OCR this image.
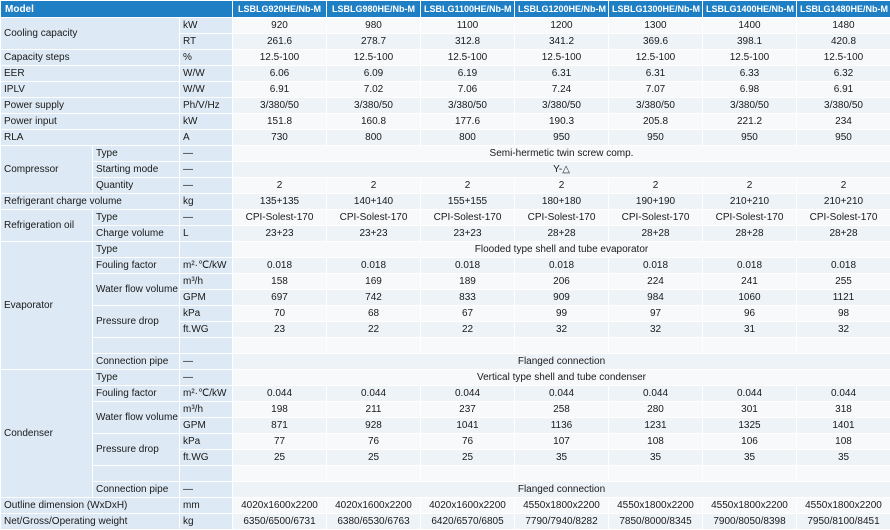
Model			LSBLG920HE/Nb-M	LSBLG980HE/Nb-M	LSBLG1100HE/Nb-M	LSBLG1200HE/Nb-M	LSBLG1300HE/Nb-M	LSBLG1400HE/Nb-M	LSBLG1480HE/Nb-M
Cooling capacity		kW	920	980	1100	1200	1300	1400	1480
		RT	261.6	278.7	312.8	341.2	369.6	398.1	420.8
Capacity steps		%	12.5-100	12.5-100	12.5-100	12.5-100	12.5-100	12.5-100	12.5-100
EER		W/W	6.06	6.09	6.19	6.31	6.31	6.33	6.32
IPLV		W/W	6.91	7.02	7.06	7.24	7.07	6.98	6.91
Power supply		Ph/V/Hz	3/380/50	3/380/50	3/380/50	3/380/50	3/380/50	3/380/50	3/380/50
Power input		kW	151.8	160.8	177.6	190.3	205.8	221.2	234
RLA		A	730	800	800	950	950	950	950
Compressor	Type	—	Semi-hermetic twin screw comp.						
	Starting mode	—	Y-△						
	Quantity	—	2	2	2	2	2	2	2
Refrigerant charge volume		kg	135+135	140+140	155+155	180+180	190+190	210+210	210+210
Refrigeration oil	Type	—	CPI-Solest-170	CPI-Solest-170	CPI-Solest-170	CPI-Solest-170	CPI-Solest-170	CPI-Solest-170	CPI-Solest-170
	Charge volume	L	23+23	23+23	23+23	28+28	28+28	28+28	28+28
Evaporator	Type		Flooded type shell and tube evaporator						
	Fouling factor	m²·℃/kW	0.018	0.018	0.018	0.018	0.018	0.018	0.018
	Water flow volume	m³/h	158	169	189	206	224	241	255
		GPM	697	742	833	909	984	1060	1121
	Pressure drop	kPa	70	68	67	99	97	96	98
		ft.WG	23	22	22	32	32	31	32

	Connection pipe	—	Flanged connection						
Condenser	Type	—	Vertical type shell and tube condenser						
	Fouling factor	m²·℃/kW	0.044	0.044	0.044	0.044	0.044	0.044	0.044
	Water flow volume	m³/h	198	211	237	258	280	301	318
		GPM	871	928	1041	1136	1231	1325	1401
	Pressure drop	kPa	77	76	76	107	108	106	108
		ft.WG	25	25	25	35	35	35	35

	Connection pipe	—	Flanged connection						
Outline dimension (WxDxH)		mm	4020x1600x2200	4020x1600x2200	4020x1600x2200	4550x1800x2200	4550x1800x2200	4550x1800x2200	4550x1800x2200
Net/Gross/Operating weight		kg	6350/6500/6731	6380/6530/6763	6420/6570/6805	7790/7940/8282	7850/8000/8345	7900/8050/8398	7950/8100/8451
